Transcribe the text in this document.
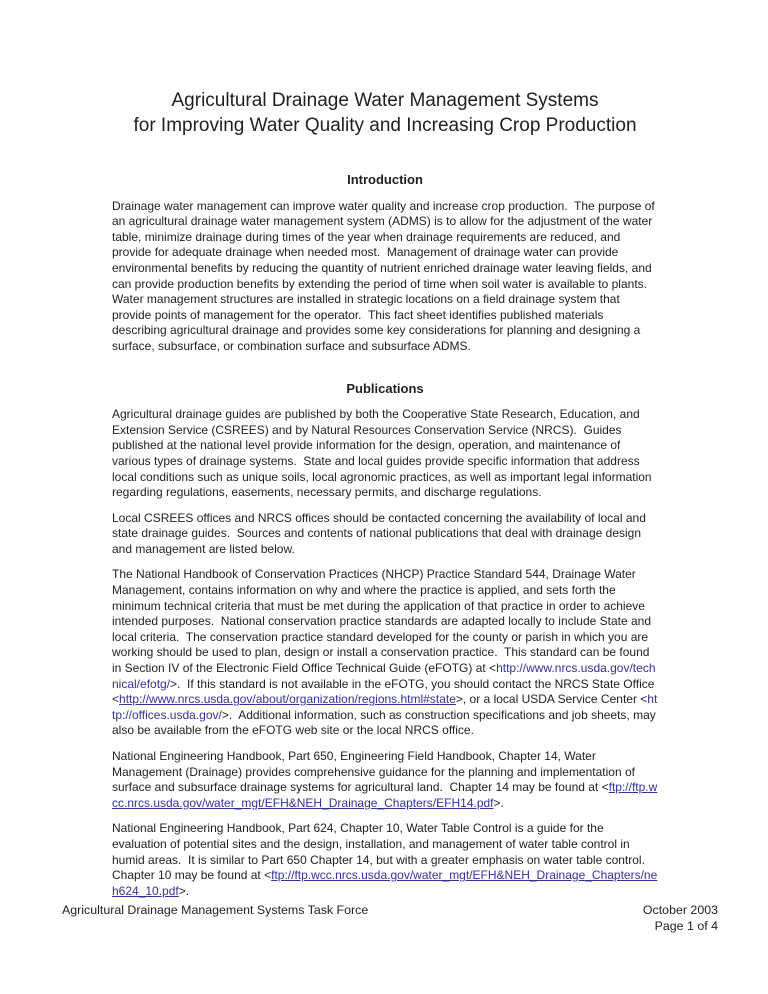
Agricultural Drainage Water Management Systems
for Improving Water Quality and Increasing Crop Production
Introduction

Drainage water management can improve water quality and increase crop production.  The purpose of an agricultural drainage water management system (ADMS) is to allow for the adjustment of the water table, minimize drainage during times of the year when drainage requirements are reduced, and provide for adequate drainage when needed most.  Management of drainage water can provide environmental benefits by reducing the quantity of nutrient enriched drainage water leaving fields, and can provide production benefits by extending the period of time when soil water is available to plants.  Water management structures are installed in strategic locations on a field drainage system that provide points of management for the operator.  This fact sheet identifies published materials describing agricultural drainage and provides some key considerations for planning and designing a surface, subsurface, or combination surface and subsurface ADMS.

Publications

Agricultural drainage guides are published by both the Cooperative State Research, Education, and Extension Service (CSREES) and by Natural Resources Conservation Service (NRCS).  Guides published at the national level provide information for the design, operation, and maintenance of various types of drainage systems.  State and local guides provide specific information that address local conditions such as unique soils, local agronomic practices, as well as important legal information regarding regulations, easements, necessary permits, and discharge regulations.

Local CSREES offices and NRCS offices should be contacted concerning the availability of local and state drainage guides.  Sources and contents of national publications that deal with drainage design and management are listed below.

The National Handbook of Conservation Practices (NHCP) Practice Standard 544, Drainage Water Management, contains information on why and where the practice is applied, and sets forth the minimum technical criteria that must be met during the application of that practice in order to achieve intended purposes.  National conservation practice standards are adapted locally to include State and local criteria.  The conservation practice standard developed for the county or parish in which you are working should be used to plan, design or install a conservation practice.  This standard can be found in Section IV of the Electronic Field Office Technical Guide (eFOTG) at <http://www.nrcs.usda.gov/technical/efotg/>.  If this standard is not available in the eFOTG, you should contact the NRCS State Office <http://www.nrcs.usda.gov/about/organization/regions.html#state>, or a local USDA Service Center <http://offices.usda.gov/>.  Additional information, such as construction specifications and job sheets, may also be available from the eFOTG web site or the local NRCS office.

National Engineering Handbook, Part 650, Engineering Field Handbook, Chapter 14, Water Management (Drainage) provides comprehensive guidance for the planning and implementation of surface and subsurface drainage systems for agricultural land.  Chapter 14 may be found at <ftp://ftp.wcc.nrcs.usda.gov/water_mgt/EFH&NEH_Drainage_Chapters/EFH14.pdf>.

National Engineering Handbook, Part 624, Chapter 10, Water Table Control is a guide for the evaluation of potential sites and the design, installation, and management of water table control in humid areas.  It is similar to Part 650 Chapter 14, but with a greater emphasis on water table control.  Chapter 10 may be found at <ftp://ftp.wcc.nrcs.usda.gov/water_mgt/EFH&NEH_Drainage_Chapters/neh624_10.pdf>.

Agricultural Drainage Management Systems Task Force	October 2003
Page 1 of 4
